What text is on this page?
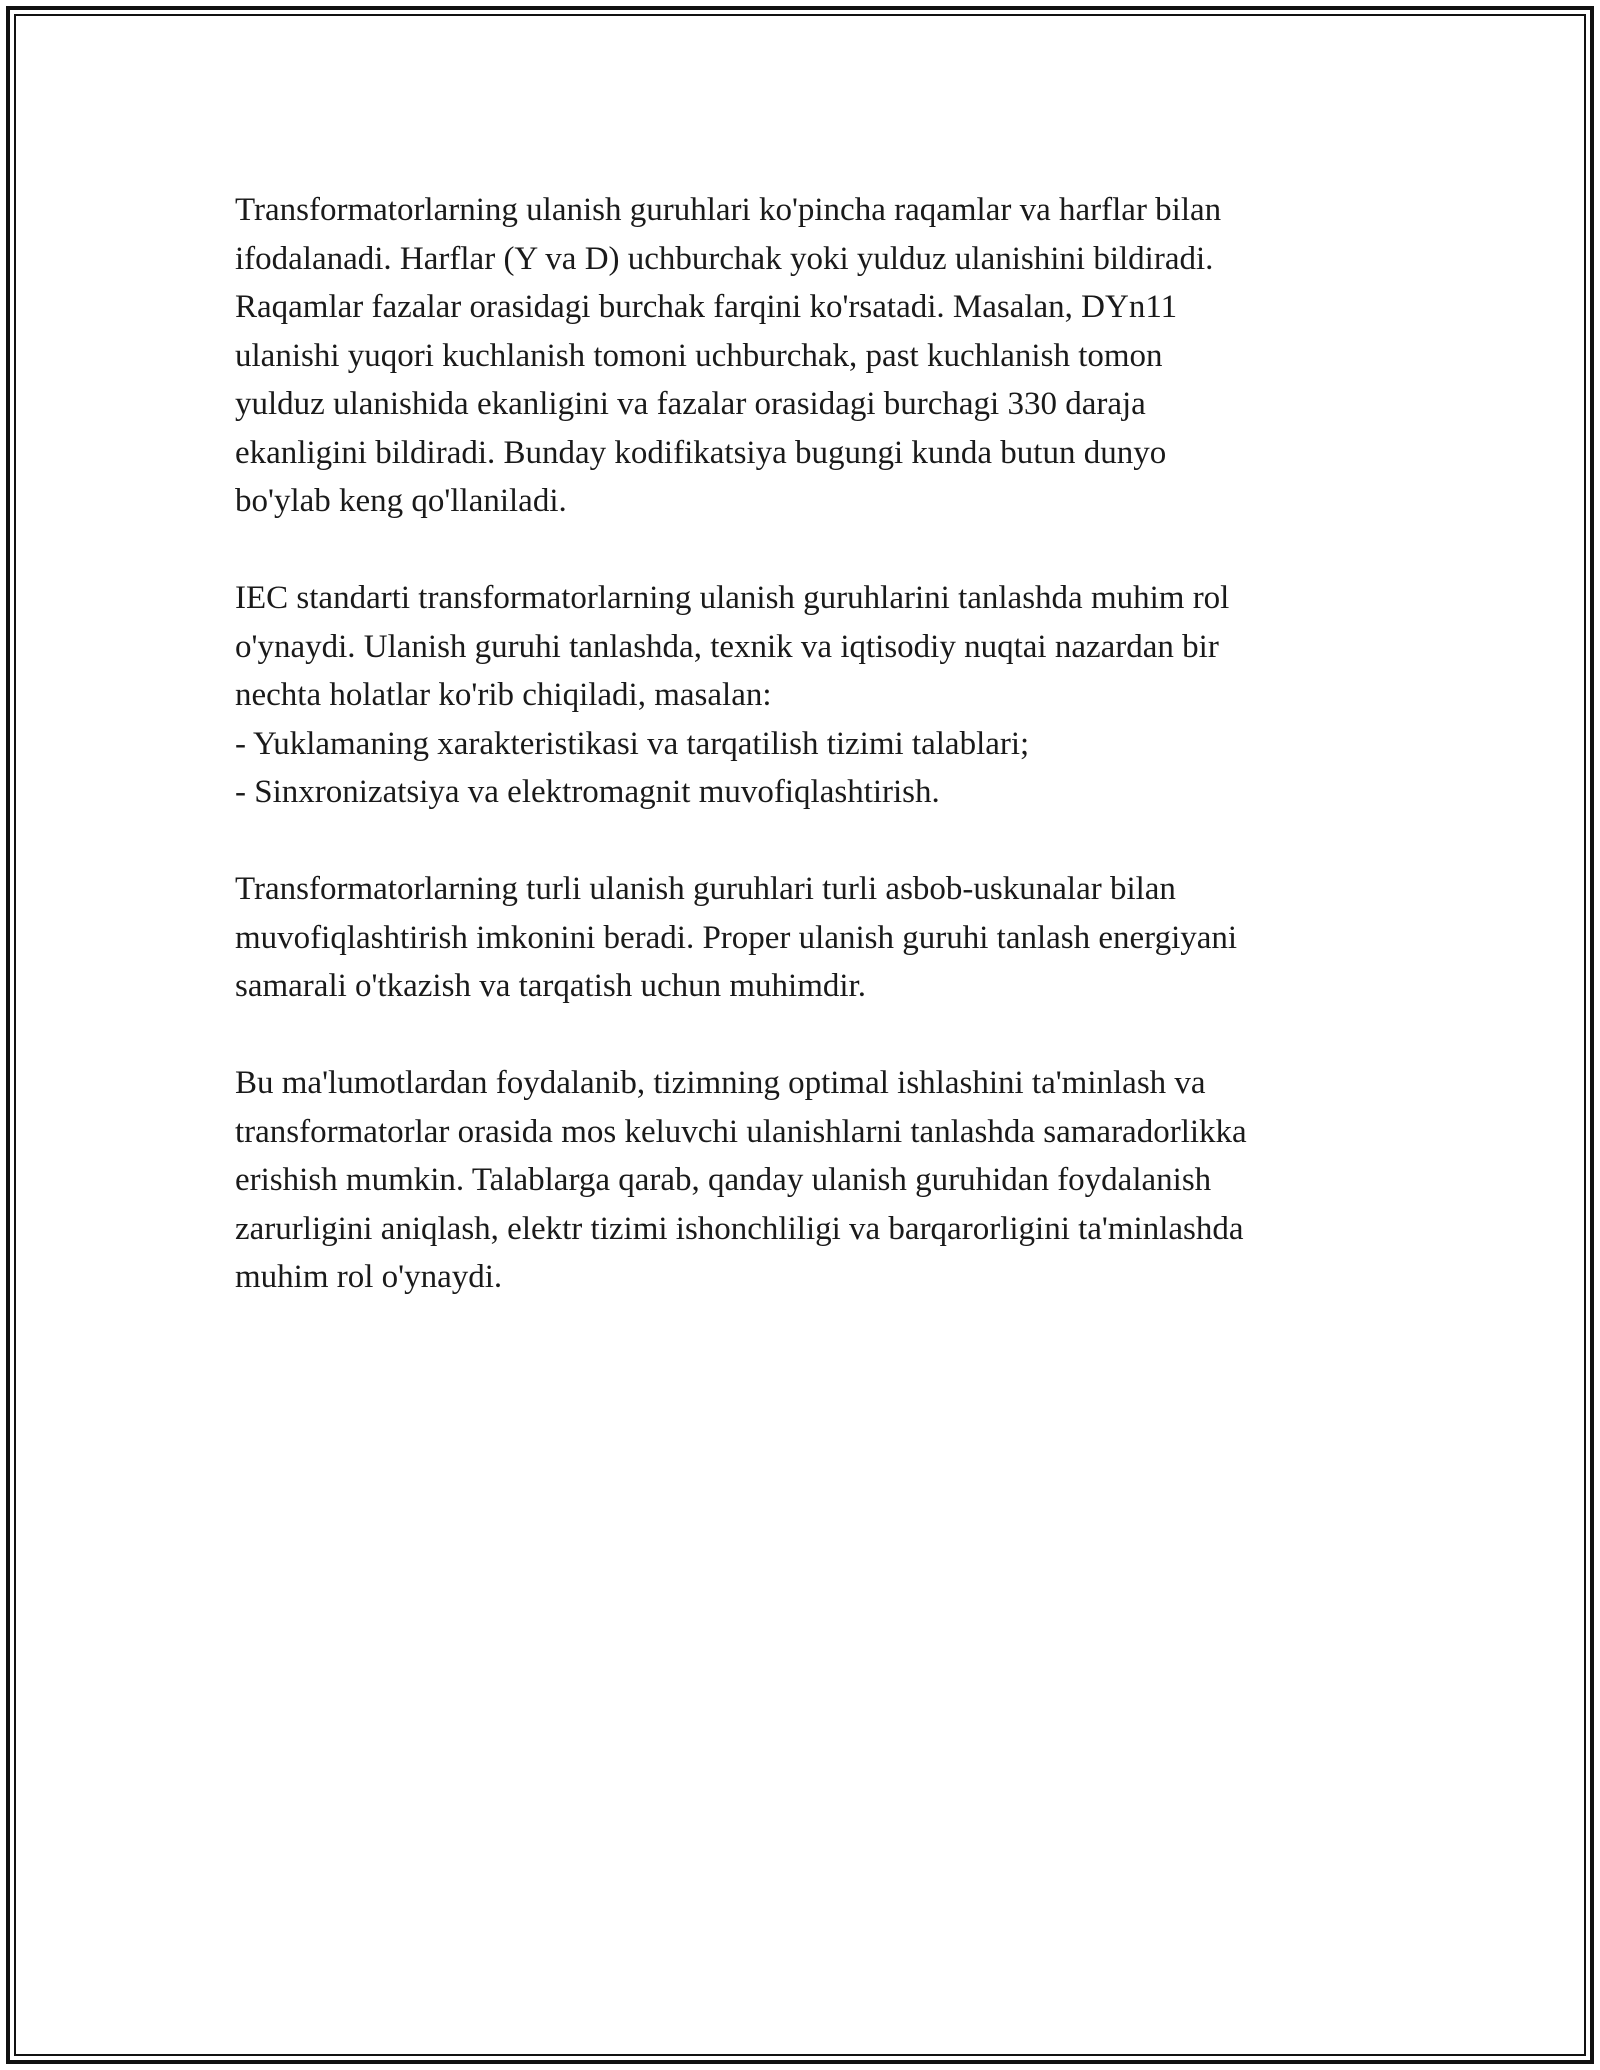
Transformatorlarning ulanish guruhlari ko'pincha raqamlar va harflar bilan
ifodalanadi. Harflar (Y va D) uchburchak yoki yulduz ulanishini bildiradi.
Raqamlar fazalar orasidagi burchak farqini ko'rsatadi. Masalan, DYn11
ulanishi yuqori kuchlanish tomoni uchburchak, past kuchlanish tomon
yulduz ulanishida ekanligini va fazalar orasidagi burchagi 330 daraja
ekanligini bildiradi. Bunday kodifikatsiya bugungi kunda butun dunyo
bo'ylab keng qo'llaniladi.
IEC standarti transformatorlarning ulanish guruhlarini tanlashda muhim rol
o'ynaydi. Ulanish guruhi tanlashda, texnik va iqtisodiy nuqtai nazardan bir
nechta holatlar ko'rib chiqiladi, masalan:
- Yuklamaning xarakteristikasi va tarqatilish tizimi talablari;
- Sinxronizatsiya va elektromagnit muvofiqlashtirish.
Transformatorlarning turli ulanish guruhlari turli asbob-uskunalar bilan
muvofiqlashtirish imkonini beradi. Proper ulanish guruhi tanlash energiyani
samarali o'tkazish va tarqatish uchun muhimdir.
Bu ma'lumotlardan foydalanib, tizimning optimal ishlashini ta'minlash va
transformatorlar orasida mos keluvchi ulanishlarni tanlashda samaradorlikka
erishish mumkin. Talablarga qarab, qanday ulanish guruhidan foydalanish
zarurligini aniqlash, elektr tizimi ishonchliligi va barqarorligini ta'minlashda
muhim rol o'ynaydi.
